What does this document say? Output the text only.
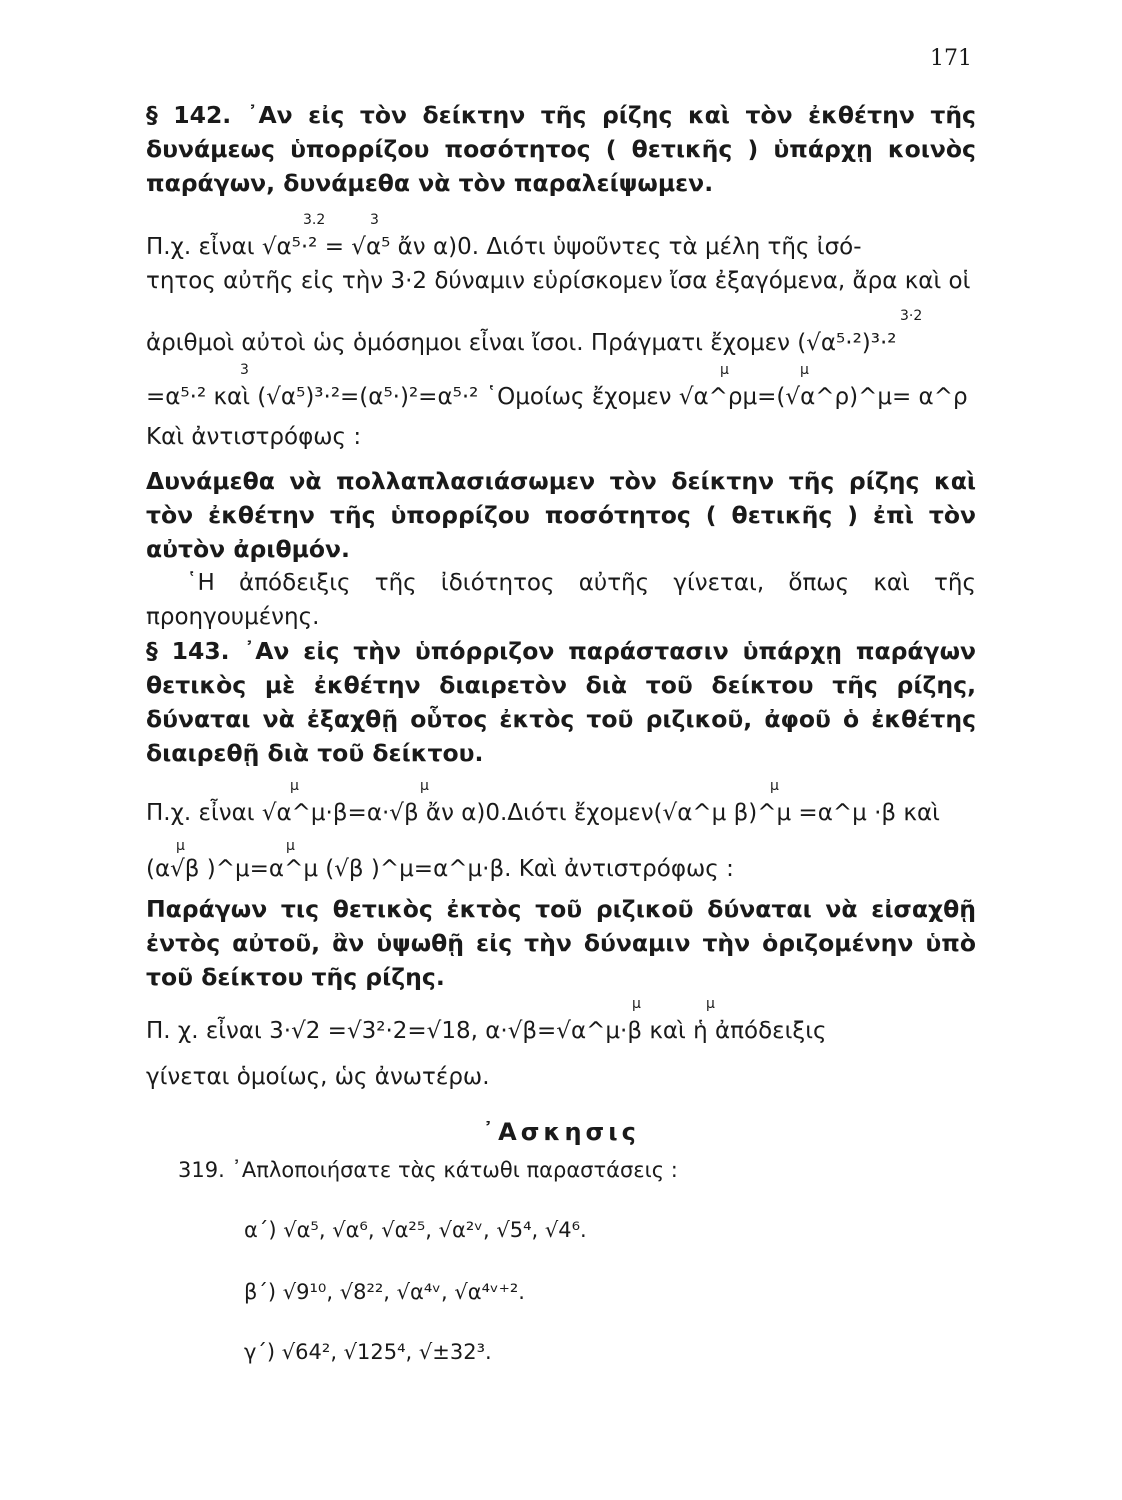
171
§ 142. ᾿Αν εἰς τὸν δείκτην τῆς ρίζης καὶ τὸν ἐκθέτην τῆς δυνάμεως ὑπορρίζου ποσότητος ( θετικῆς ) ὑπάρχῃ κοινὸς παράγων, δυνάμεθα νὰ τὸν παραλείψωμεν.
3.2	3
Π.χ. εἶναι √α⁵·² = √α⁵ ἄν α)0. Διότι ὑψοῦντες τὰ μέλη τῆς ἰσό-
τητος αὐτῆς εἰς τὴν 3·2 δύναμιν εὑρίσκομεν ἴσα ἐξαγόμενα, ἄρα καὶ οἱ
3·2
ἀριθμοὶ αὐτοὶ ὡς ὁμόσημοι εἶναι ἴσοι. Πράγματι ἔχομεν (√α⁵·²)³·²
3	μ	μ
=α⁵·² καὶ (√α⁵)³·²=(α⁵·)²=α⁵·² ῾Ομοίως ἔχομεν √α^ρμ=(√α^ρ)^μ= α^ρ
Καὶ ἀντιστρόφως :
Δυνάμεθα νὰ πολλαπλασιάσωμεν τὸν δείκτην τῆς ρίζης καὶ τὸν ἐκθέτην τῆς ὑπορρίζου ποσότητος ( θετικῆς ) ἐπὶ τὸν αὐτὸν ἀριθμόν.
῾Η ἀπόδειξις τῆς ἰδιότητος αὐτῆς γίνεται, ὅπως καὶ τῆς προηγουμένης.
§ 143. ᾿Αν εἰς τὴν ὑπόρριζον παράστασιν ὑπάρχῃ παράγων θετικὸς μὲ ἐκθέτην διαιρετὸν διὰ τοῦ δείκτου τῆς ρίζης, δύναται νὰ ἐξαχθῇ οὗτος ἐκτὸς τοῦ ριζικοῦ, ἀφοῦ ὁ ἐκθέτης διαιρεθῇ διὰ τοῦ δείκτου.
μ	μ	μ
Π.χ. εἶναι √α^μ·β=α·√β ἄν α)0.Διότι ἔχομεν(√α^μ β)^μ =α^μ ·β καὶ
μ	μ
(α√β )^μ=α^μ (√β )^μ=α^μ·β. Καὶ ἀντιστρόφως :
Παράγων τις θετικὸς ἐκτὸς τοῦ ριζικοῦ δύναται νὰ εἰσαχθῇ ἐντὸς αὐτοῦ, ἂν ὑψωθῇ εἰς τὴν δύναμιν τὴν ὁριζομένην ὑπὸ τοῦ δείκτου τῆς ρίζης.
μ	μ
Π. χ. εἶναι 3·√2 =√3²·2=√18, α·√β=√α^μ·β καὶ ἡ ἀπόδειξις
γίνεται ὁμοίως, ὡς ἀνωτέρω.
᾿Ασκησις
319. ᾿Απλοποιήσατε τὰς κάτωθι παραστάσεις :
α΄) √α⁵, √α⁶, √α²⁵, √α²ᵛ, √5⁴, √4⁶.
β΄) √9¹⁰, √8²², √α⁴ᵛ, √α⁴ᵛ⁺².
γ΄) √64², √125⁴, √±32³.
